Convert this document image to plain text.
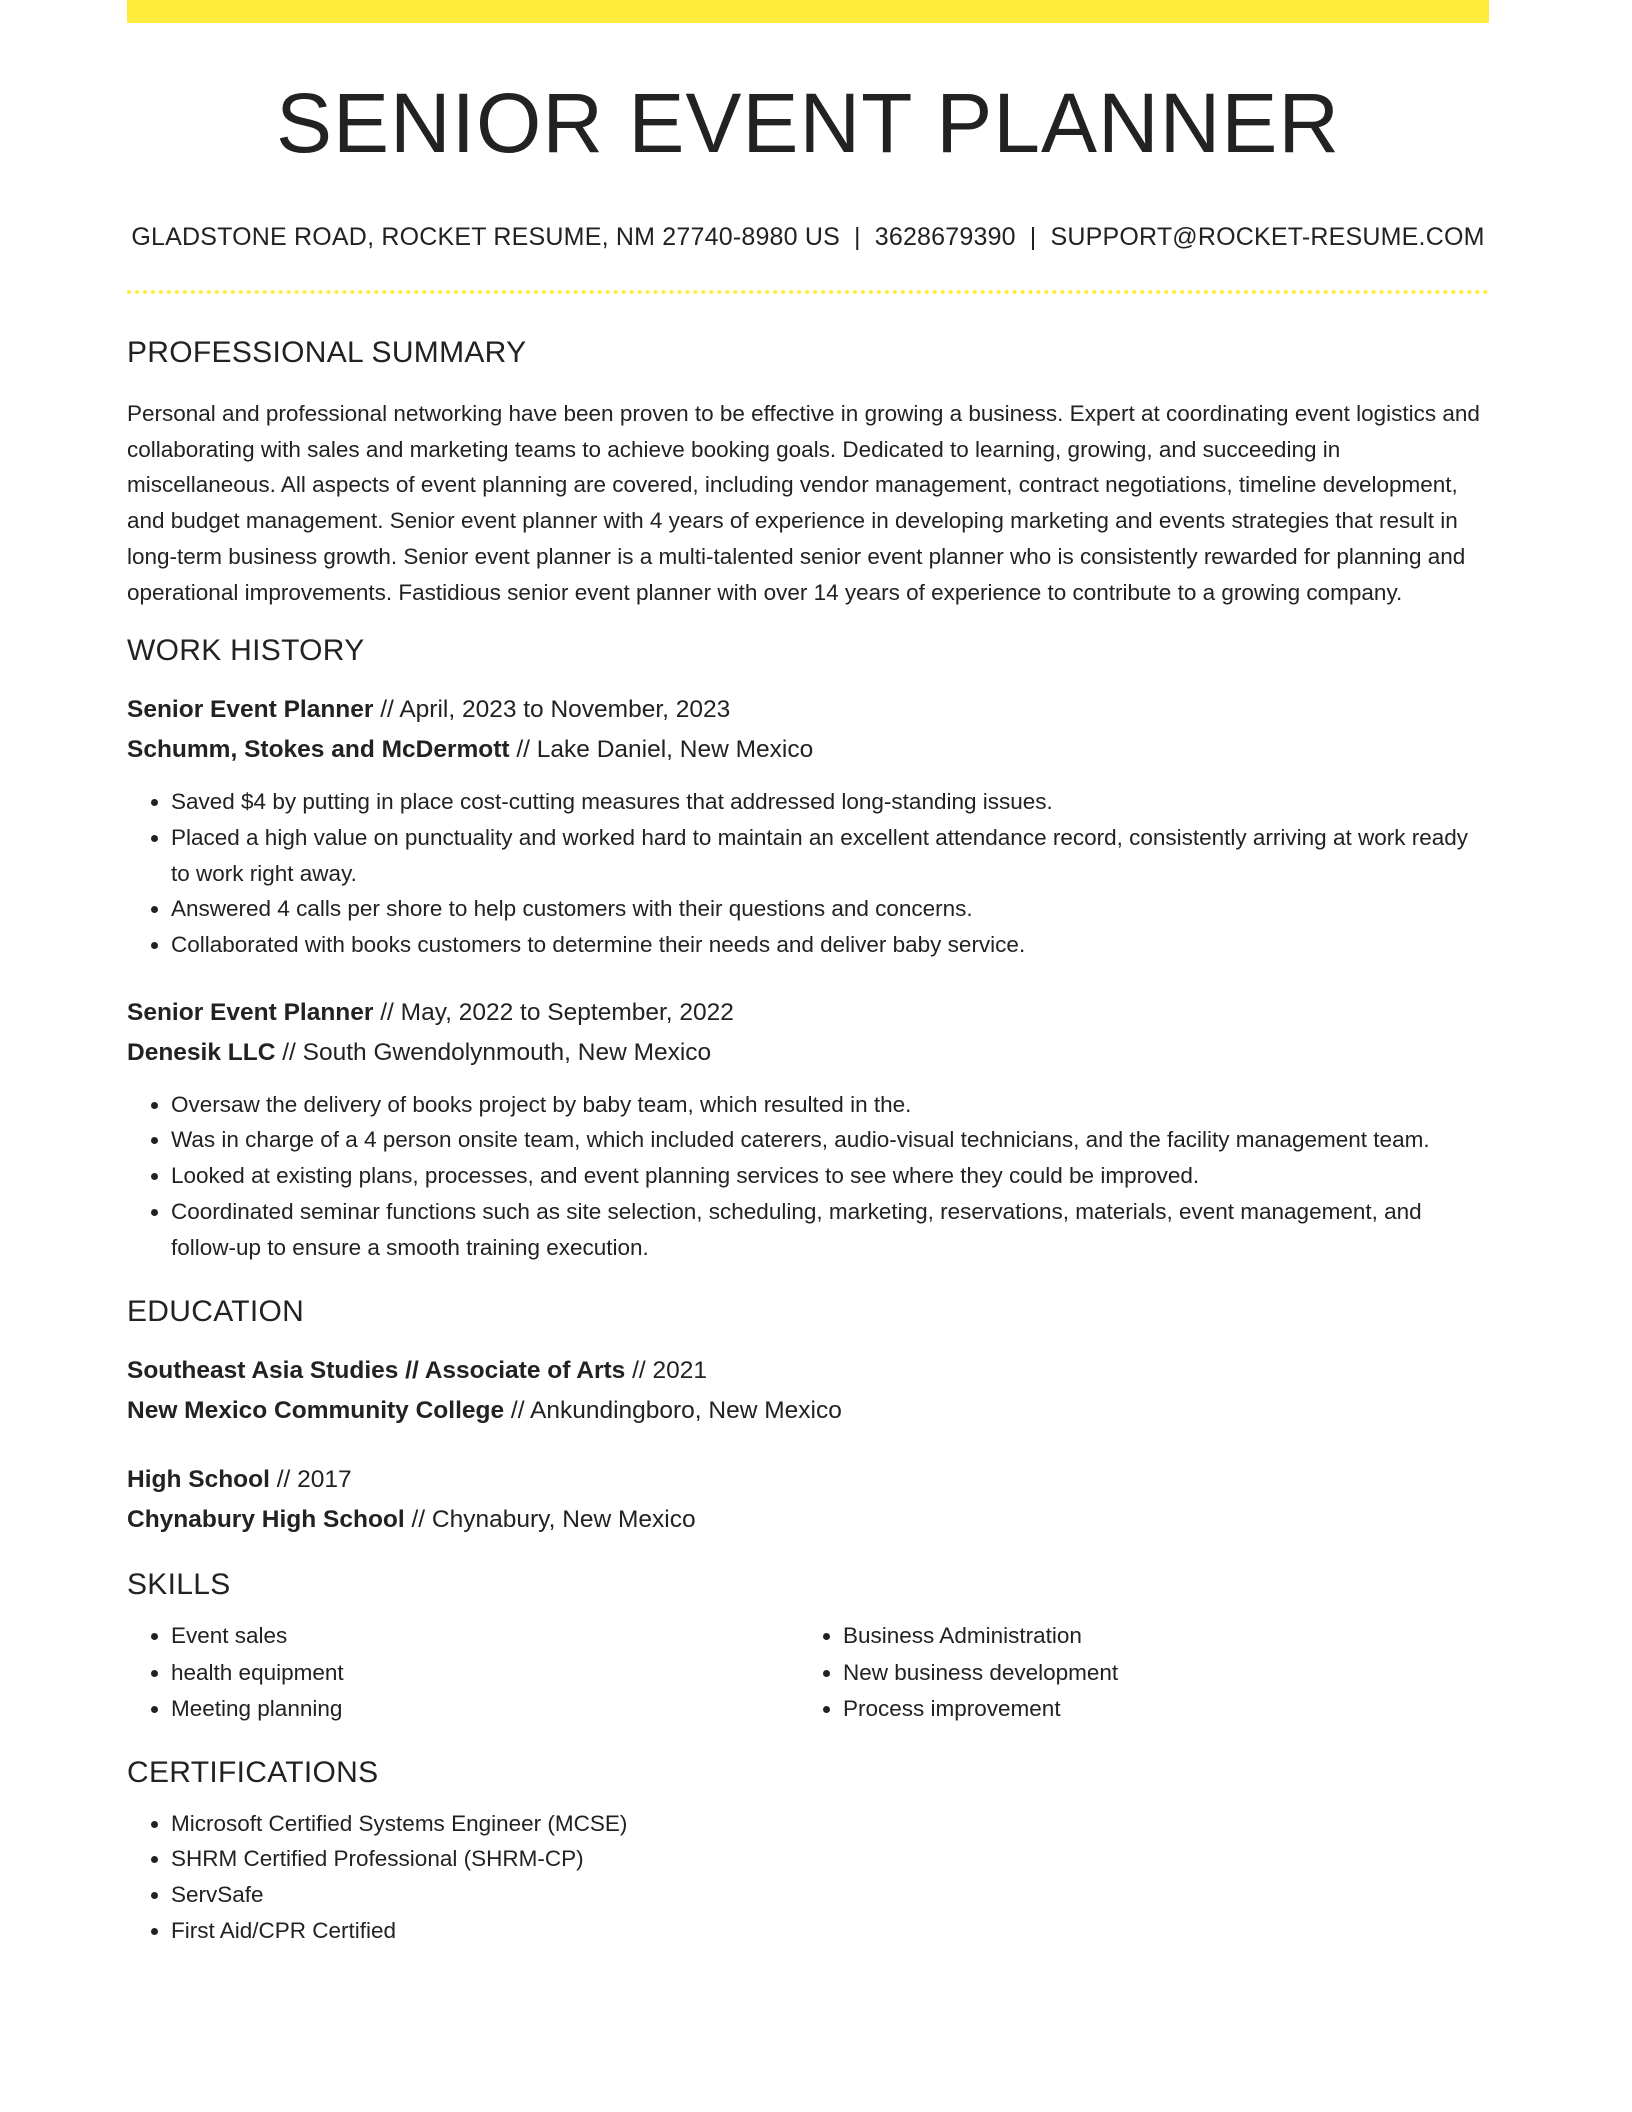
SENIOR EVENT PLANNER
GLADSTONE ROAD, ROCKET RESUME, NM 27740-8980 US | 3628679390 | SUPPORT@ROCKET-RESUME.COM
PROFESSIONAL SUMMARY

Personal and professional networking have been proven to be effective in growing a business. Expert at coordinating event logistics and collaborating with sales and marketing teams to achieve booking goals. Dedicated to learning, growing, and succeeding in miscellaneous. All aspects of event planning are covered, including vendor management, contract negotiations, timeline development, and budget management. Senior event planner with 4 years of experience in developing marketing and events strategies that result in long-term business growth. Senior event planner is a multi-talented senior event planner who is consistently rewarded for planning and operational improvements. Fastidious senior event planner with over 14 years of experience to contribute to a growing company.

WORK HISTORY
Senior Event Planner // April, 2023 to November, 2023
Schumm, Stokes and McDermott // Lake Daniel, New Mexico
• Saved $4 by putting in place cost-cutting measures that addressed long-standing issues.
• Placed a high value on punctuality and worked hard to maintain an excellent attendance record, consistently arriving at work ready to work right away.
• Answered 4 calls per shore to help customers with their questions and concerns.
• Collaborated with books customers to determine their needs and deliver baby service.
Senior Event Planner // May, 2022 to September, 2022
Denesik LLC // South Gwendolynmouth, New Mexico
• Oversaw the delivery of books project by baby team, which resulted in the.
• Was in charge of a 4 person onsite team, which included caterers, audio-visual technicians, and the facility management team.
• Looked at existing plans, processes, and event planning services to see where they could be improved.
• Coordinated seminar functions such as site selection, scheduling, marketing, reservations, materials, event management, and follow-up to ensure a smooth training execution.
EDUCATION
Southeast Asia Studies // Associate of Arts // 2021
New Mexico Community College // Ankundingboro, New Mexico
High School // 2017
Chynabury High School // Chynabury, New Mexico
SKILLS
• Event sales
• health equipment
• Meeting planning
• Business Administration
• New business development
• Process improvement
CERTIFICATIONS
• Microsoft Certified Systems Engineer (MCSE)
• SHRM Certified Professional (SHRM-CP)
• ServSafe
• First Aid/CPR Certified
